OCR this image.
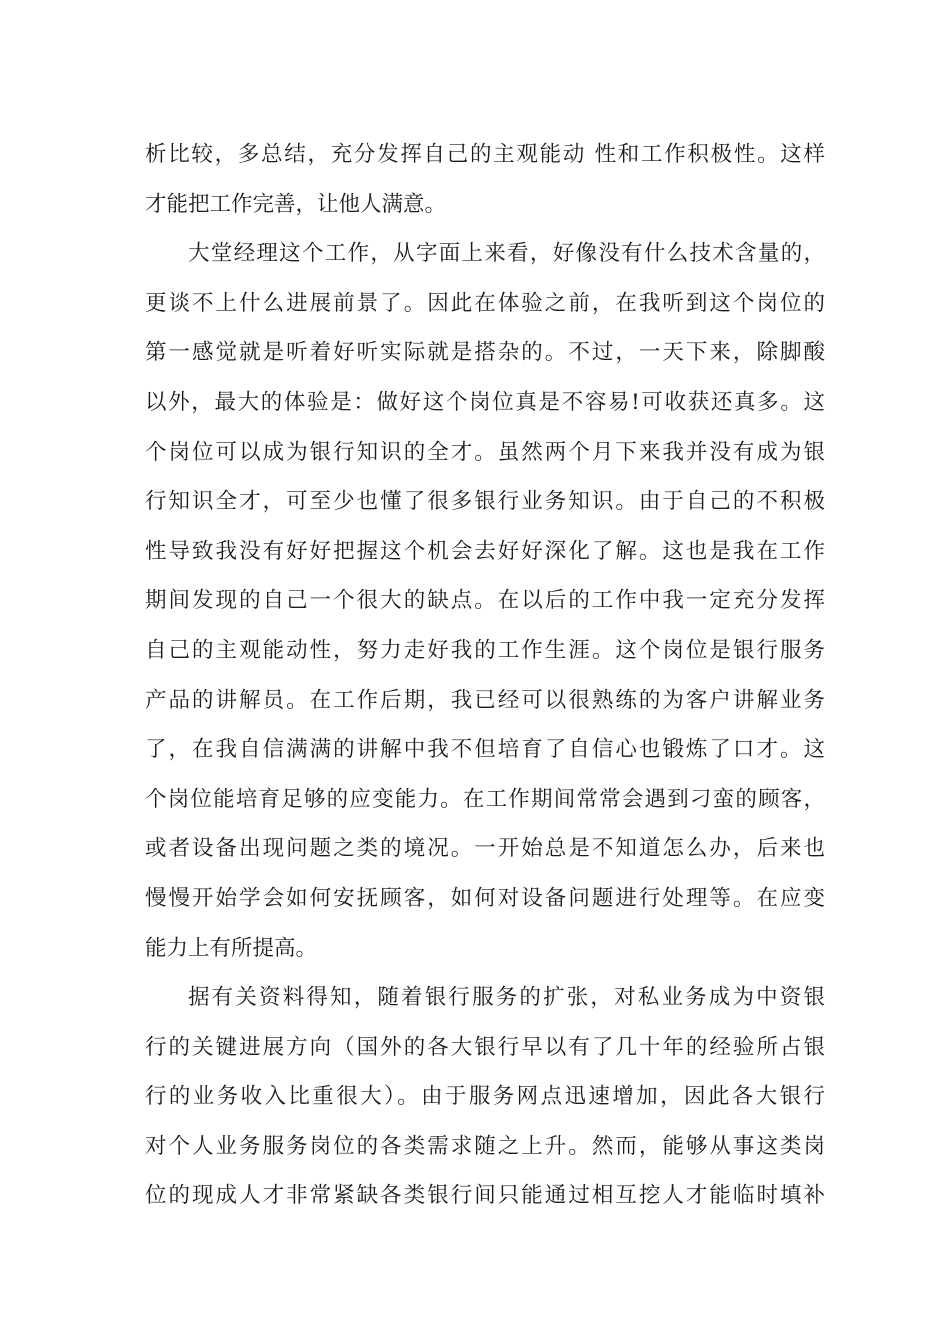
析比较，多总结，充分发挥自己的主观能动 性和工作积极性。这样
才能把工作完善，让他人满意。
大堂经理这个工作，从字面上来看，好像没有什么技术含量的，
更谈不上什么进展前景了。因此在体验之前，在我听到这个岗位的
第一感觉就是听着好听实际就是搭杂的。不过，一天下来，除脚酸
以外，最大的体验是：做好这个岗位真是不容易!可收获还真多。这
个岗位可以成为银行知识的全才。虽然两个月下来我并没有成为银
行知识全才，可至少也懂了很多银行业务知识。由于自己的不积极
性导致我没有好好把握这个机会去好好深化了解。这也是我在工作
期间发现的自己一个很大的缺点。在以后的工作中我一定充分发挥
自己的主观能动性，努力走好我的工作生涯。这个岗位是银行服务
产品的讲解员。在工作后期，我已经可以很熟练的为客户讲解业务
了，在我自信满满的讲解中我不但培育了自信心也锻炼了口才。这
个岗位能培育足够的应变能力。在工作期间常常会遇到刁蛮的顾客，
或者设备出现问题之类的境况。一开始总是不知道怎么办，后来也
慢慢开始学会如何安抚顾客，如何对设备问题进行处理等。在应变
能力上有所提高。
据有关资料得知，随着银行服务的扩张，对私业务成为中资银
行的关键进展方向（国外的各大银行早以有了几十年的经验所占银
行的业务收入比重很大）。由于服务网点迅速增加，因此各大银行
对个人业务服务岗位的各类需求随之上升。然而，能够从事这类岗
位的现成人才非常紧缺各类银行间只能通过相互挖人才能临时填补
